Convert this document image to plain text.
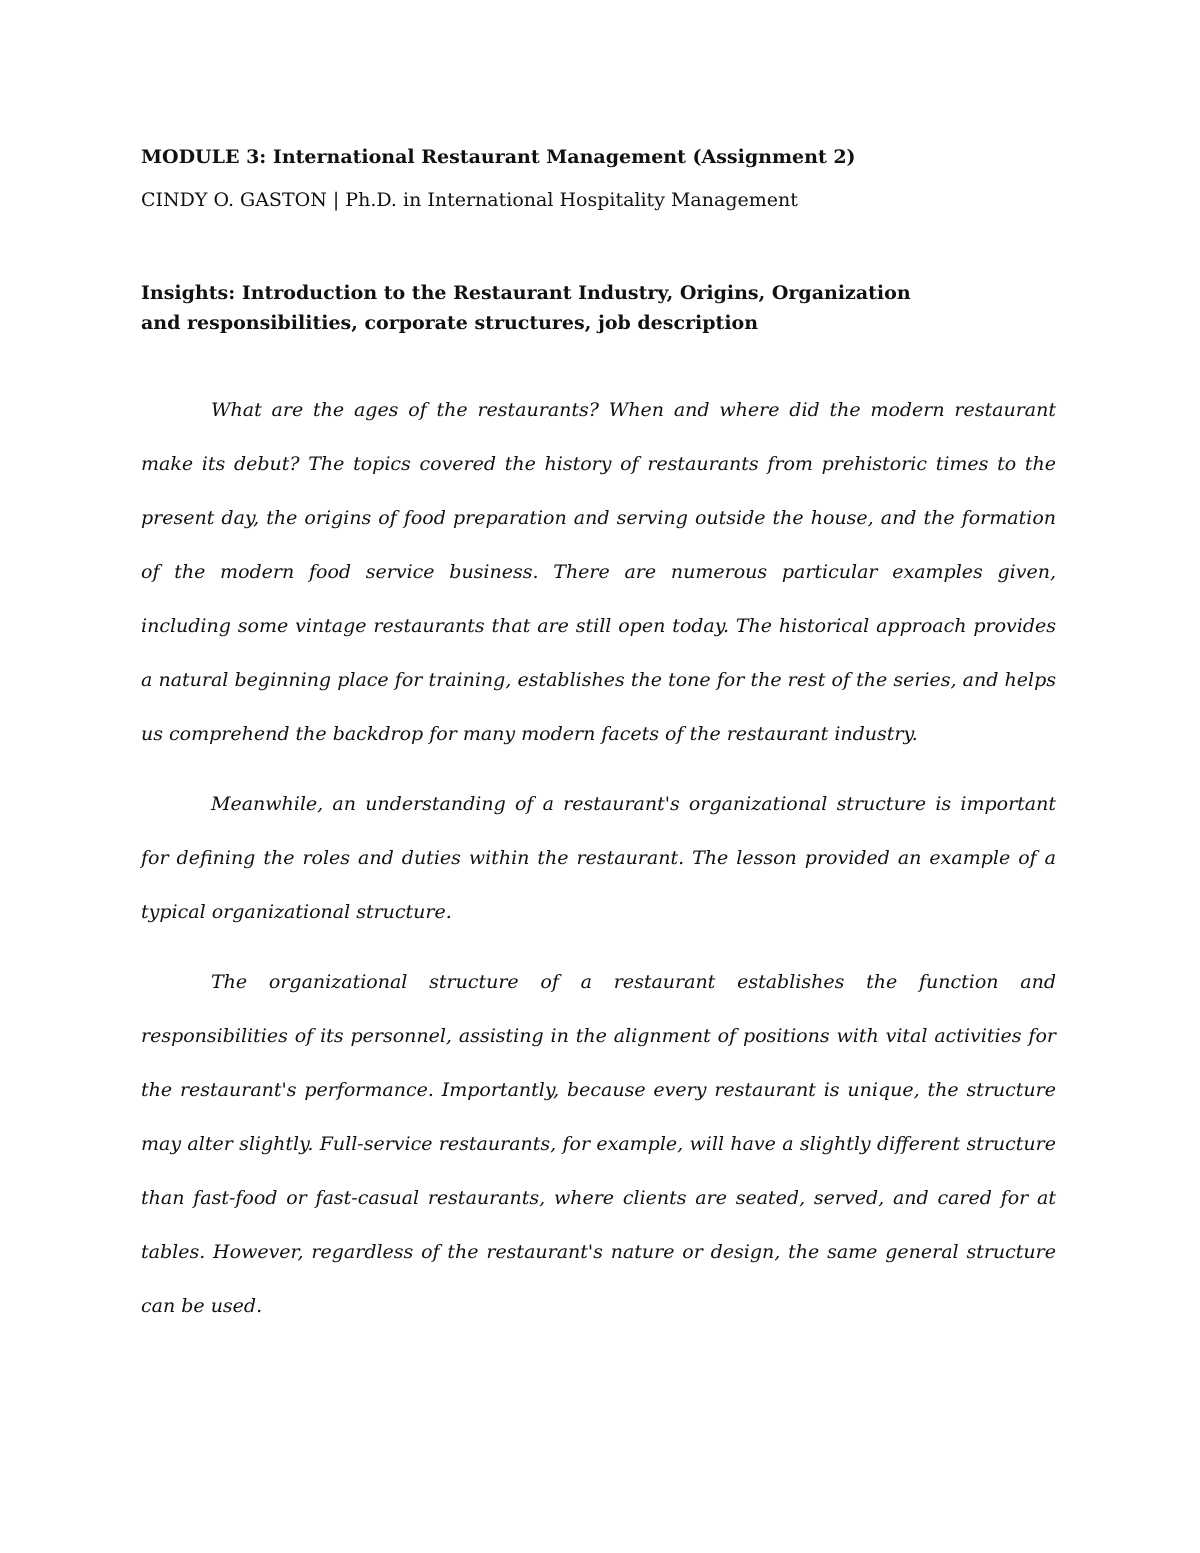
MODULE 3: International Restaurant Management (Assignment 2)

CINDY O. GASTON | Ph.D. in International Hospitality Management

Insights: Introduction to the Restaurant Industry, Origins, Organization and responsibilities, corporate structures, job description

What are the ages of the restaurants? When and where did the modern restaurant make its debut? The topics covered the history of restaurants from prehistoric times to the present day, the origins of food preparation and serving outside the house, and the formation of the modern food service business. There are numerous particular examples given, including some vintage restaurants that are still open today. The historical approach provides a natural beginning place for training, establishes the tone for the rest of the series, and helps us comprehend the backdrop for many modern facets of the restaurant industry.

Meanwhile, an understanding of a restaurant's organizational structure is important for defining the roles and duties within the restaurant. The lesson provided an example of a typical organizational structure.

The organizational structure of a restaurant establishes the function and responsibilities of its personnel, assisting in the alignment of positions with vital activities for the restaurant's performance. Importantly, because every restaurant is unique, the structure may alter slightly. Full-service restaurants, for example, will have a slightly different structure than fast-food or fast-casual restaurants, where clients are seated, served, and cared for at tables. However, regardless of the restaurant's nature or design, the same general structure can be used.
